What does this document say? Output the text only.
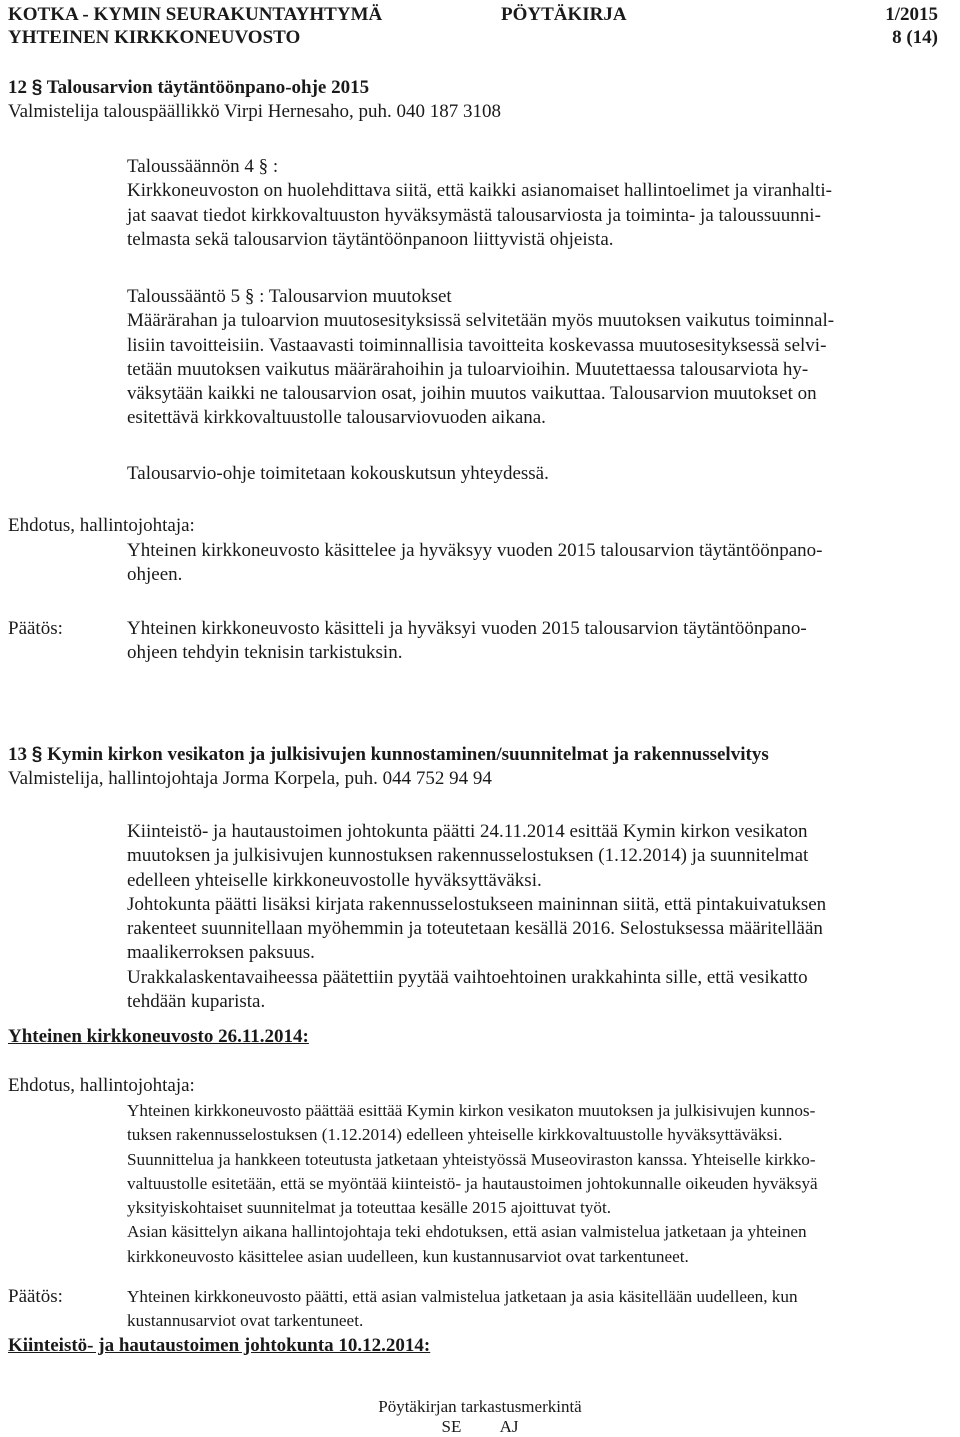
KOTKA - KYMIN SEURAKUNTAYHTYMÄ	PÖYTÄKIRJA	1/2015
YHTEINEN KIRKKONEUVOSTO	8 (14)
12 § Talousarvion täytäntöönpano-ohje 2015
Valmistelija talouspäällikkö Virpi Hernesaho, puh. 040 187 3108
Taloussäännön 4 § :
Kirkkoneuvoston on huolehdittava siitä, että kaikki asianomaiset hallintoelimet ja viranhalti-
jat saavat tiedot kirkkovaltuuston hyväksymästä talousarviosta ja toiminta- ja taloussuunni-
telmasta sekä talousarvion täytäntöönpanoon liittyvistä ohjeista.
Taloussääntö 5 § : Talousarvion muutokset
Määrärahan ja tuloarvion muutosesityksissä selvitetään myös muutoksen vaikutus toiminnal-
lisiin tavoitteisiin. Vastaavasti toiminnallisia tavoitteita koskevassa muutosesityksessä selvi-
tetään muutoksen vaikutus määrärahoihin ja tuloarvioihin. Muutettaessa talousarviota hy-
väksytään kaikki ne talousarvion osat, joihin muutos vaikuttaa. Talousarvion muutokset on
esitettävä kirkkovaltuustolle talousarviovuoden aikana.
Talousarvio-ohje toimitetaan kokouskutsun yhteydessä.
Ehdotus, hallintojohtaja:
Yhteinen kirkkoneuvosto käsittelee ja hyväksyy vuoden 2015 talousarvion täytäntöönpano-
ohjeen.
Päätös:	Yhteinen kirkkoneuvosto käsitteli ja hyväksyi vuoden 2015 talousarvion täytäntöönpano-
ohjeen tehdyin teknisin tarkistuksin.
13 § Kymin kirkon vesikaton ja julkisivujen kunnostaminen/suunnitelmat ja rakennusselvitys
Valmistelija, hallintojohtaja Jorma Korpela, puh. 044 752 94 94
Kiinteistö- ja hautaustoimen johtokunta päätti 24.11.2014 esittää Kymin kirkon vesikaton
muutoksen ja julkisivujen kunnostuksen rakennusselostuksen (1.12.2014) ja suunnitelmat
edelleen yhteiselle kirkkoneuvostolle hyväksyttäväksi.
Johtokunta päätti lisäksi kirjata rakennusselostukseen maininnan siitä, että pintakuivatuksen
rakenteet suunnitellaan myöhemmin ja toteutetaan kesällä 2016. Selostuksessa määritellään
maalikerroksen paksuus.
Urakkalaskentavaiheessa päätettiin pyytää vaihtoehtoinen urakkahinta sille, että vesikatto
tehdään kuparista.
Yhteinen kirkkoneuvosto 26.11.2014:
Ehdotus, hallintojohtaja:
Yhteinen kirkkoneuvosto päättää esittää Kymin kirkon vesikaton muutoksen ja julkisivujen kunnos-
tuksen rakennusselostuksen (1.12.2014) edelleen yhteiselle kirkkovaltuustolle hyväksyttäväksi.
Suunnittelua ja hankkeen toteutusta jatketaan yhteistyössä Museoviraston kanssa. Yhteiselle kirkko-
valtuustolle esitetään, että se myöntää kiinteistö- ja hautaustoimen johtokunnalle oikeuden hyväksyä
yksityiskohtaiset suunnitelmat ja toteuttaa kesälle 2015 ajoittuvat työt.
Asian käsittelyn aikana hallintojohtaja teki ehdotuksen, että asian valmistelua jatketaan ja yhteinen
kirkkoneuvosto käsittelee asian uudelleen, kun kustannusarviot ovat tarkentuneet.
Päätös:	Yhteinen kirkkoneuvosto päätti, että asian valmistelua jatketaan ja asia käsitellään uudelleen, kun
kustannusarviot ovat tarkentuneet.
Kiinteistö- ja hautaustoimen johtokunta 10.12.2014:
Pöytäkirjan tarkastusmerkintä
SE AJ
